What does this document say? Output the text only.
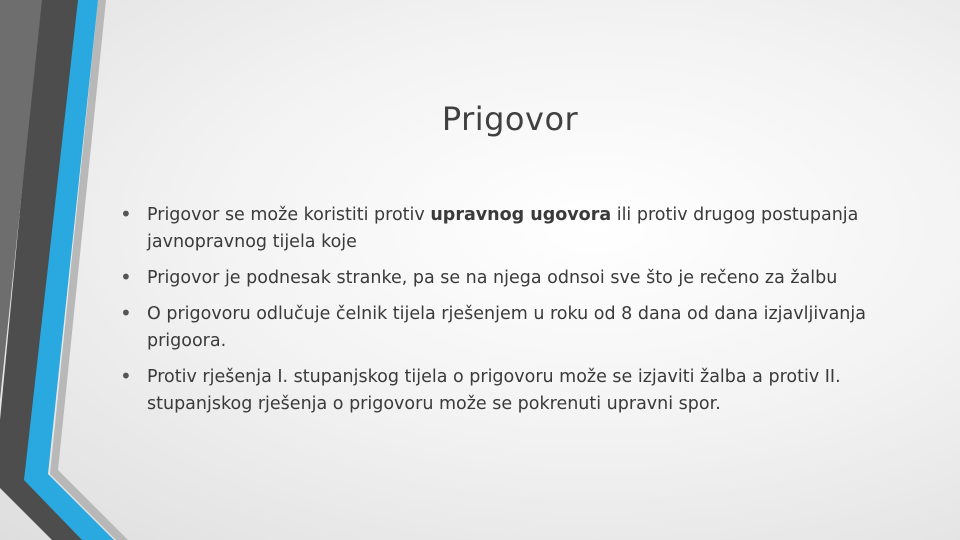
Prigovor
• Prigovor se može koristiti protiv upravnog ugovora ili protiv drugog postupanja javnopravnog tijela koje
• Prigovor je podnesak stranke, pa se na njega odnsoi sve što je rečeno za žalbu
• O prigovoru odlučuje čelnik tijela rješenjem u roku od 8 dana od dana izjavljivanja prigoora.
• Protiv rješenja I. stupanjskog tijela o prigovoru može se izjaviti žalba a protiv II. stupanjskog rješenja o prigovoru može se pokrenuti upravni spor.
